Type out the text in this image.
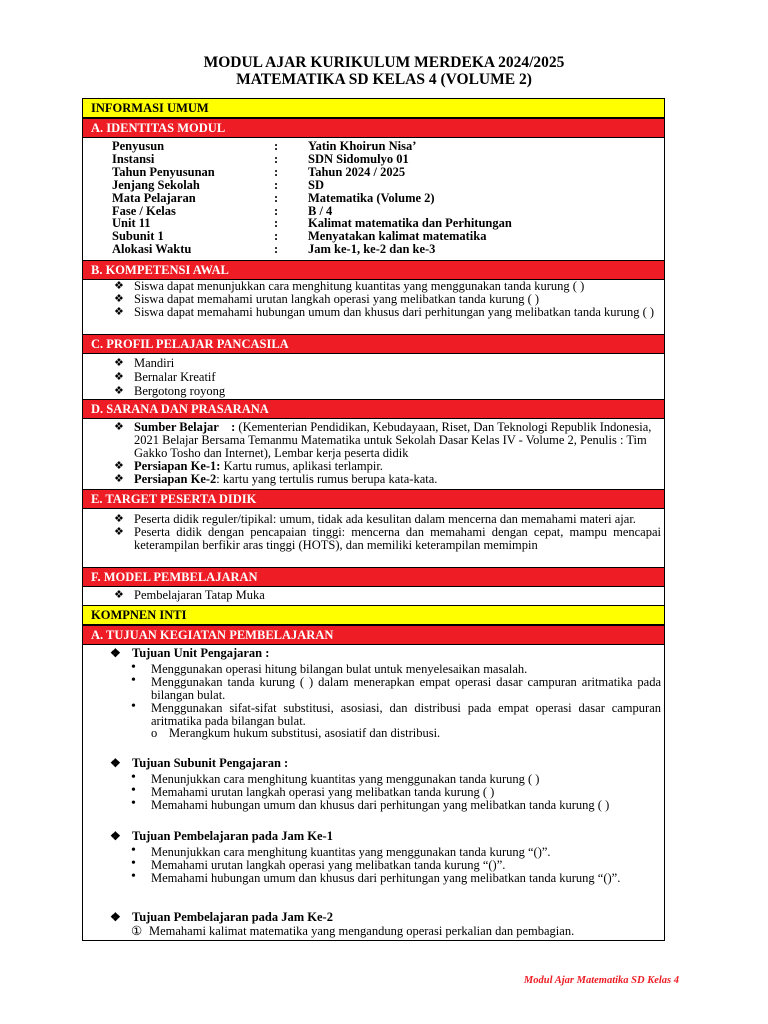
MODUL AJAR KURIKULUM MERDEKA 2024/2025
MATEMATIKA SD KELAS 4 (VOLUME 2)
INFORMASI UMUM
A. IDENTITAS MODUL
Penyusun	:	Yatin Khoirun Nisa’
Instansi	:	SDN Sidomulyo 01
Tahun Penyusunan	:	Tahun 2024 / 2025
Jenjang Sekolah	:	SD
Mata Pelajaran	:	Matematika (Volume 2)
Fase / Kelas	:	B / 4
Unit 11	:	Kalimat matematika dan Perhitungan
Subunit 1	:	Menyatakan kalimat matematika
Alokasi Waktu	:	Jam ke-1, ke-2 dan ke-3
B. KOMPETENSI AWAL
❖ Siswa dapat menunjukkan cara menghitung kuantitas yang menggunakan tanda kurung ( )
❖ Siswa dapat memahami urutan langkah operasi yang melibatkan tanda kurung ( )
❖ Siswa dapat memahami hubungan umum dan khusus dari perhitungan yang melibatkan tanda kurung ( )
C. PROFIL PELAJAR PANCASILA
❖ Mandiri
❖ Bernalar Kreatif
❖ Bergotong royong
D. SARANA DAN PRASARANA
❖ Sumber Belajar    : (Kementerian Pendidikan, Kebudayaan, Riset, Dan Teknologi Republik Indonesia, 2021 Belajar Bersama Temanmu Matematika untuk Sekolah Dasar Kelas IV - Volume 2, Penulis : Tim Gakko Tosho dan Internet), Lembar kerja peserta didik
❖ Persiapan Ke-1: Kartu rumus, aplikasi terlampir.
❖ Persiapan Ke-2: kartu yang tertulis rumus berupa kata-kata.
E. TARGET PESERTA DIDIK
❖ Peserta didik reguler/tipikal: umum, tidak ada kesulitan dalam mencerna dan memahami materi ajar.
❖ Peserta didik dengan pencapaian tinggi: mencerna dan memahami dengan cepat, mampu mencapai keterampilan berfikir aras tinggi (HOTS), dan memiliki keterampilan memimpin
F. MODEL PEMBELAJARAN
❖ Pembelajaran Tatap Muka
KOMPNEN INTI
A. TUJUAN KEGIATAN PEMBELAJARAN
❖ Tujuan Unit Pengajaran :
• Menggunakan operasi hitung bilangan bulat untuk menyelesaikan masalah.
• Menggunakan tanda kurung ( ) dalam menerapkan empat operasi dasar campuran aritmatika pada bilangan bulat.
• Menggunakan sifat-sifat substitusi, asosiasi, dan distribusi pada empat operasi dasar campuran aritmatika pada bilangan bulat.
o Merangkum hukum substitusi, asosiatif dan distribusi.
❖ Tujuan Subunit Pengajaran :
• Menunjukkan cara menghitung kuantitas yang menggunakan tanda kurung ( )
• Memahami urutan langkah operasi yang melibatkan tanda kurung ( )
• Memahami hubungan umum dan khusus dari perhitungan yang melibatkan tanda kurung ( )
❖ Tujuan Pembelajaran pada Jam Ke-1
• Menunjukkan cara menghitung kuantitas yang menggunakan tanda kurung “()”.
• Memahami urutan langkah operasi yang melibatkan tanda kurung “()”.
• Memahami hubungan umum dan khusus dari perhitungan yang melibatkan tanda kurung “()”.
❖ Tujuan Pembelajaran pada Jam Ke-2
① Memahami kalimat matematika yang mengandung operasi perkalian dan pembagian.
Modul Ajar Matematika SD Kelas 4
